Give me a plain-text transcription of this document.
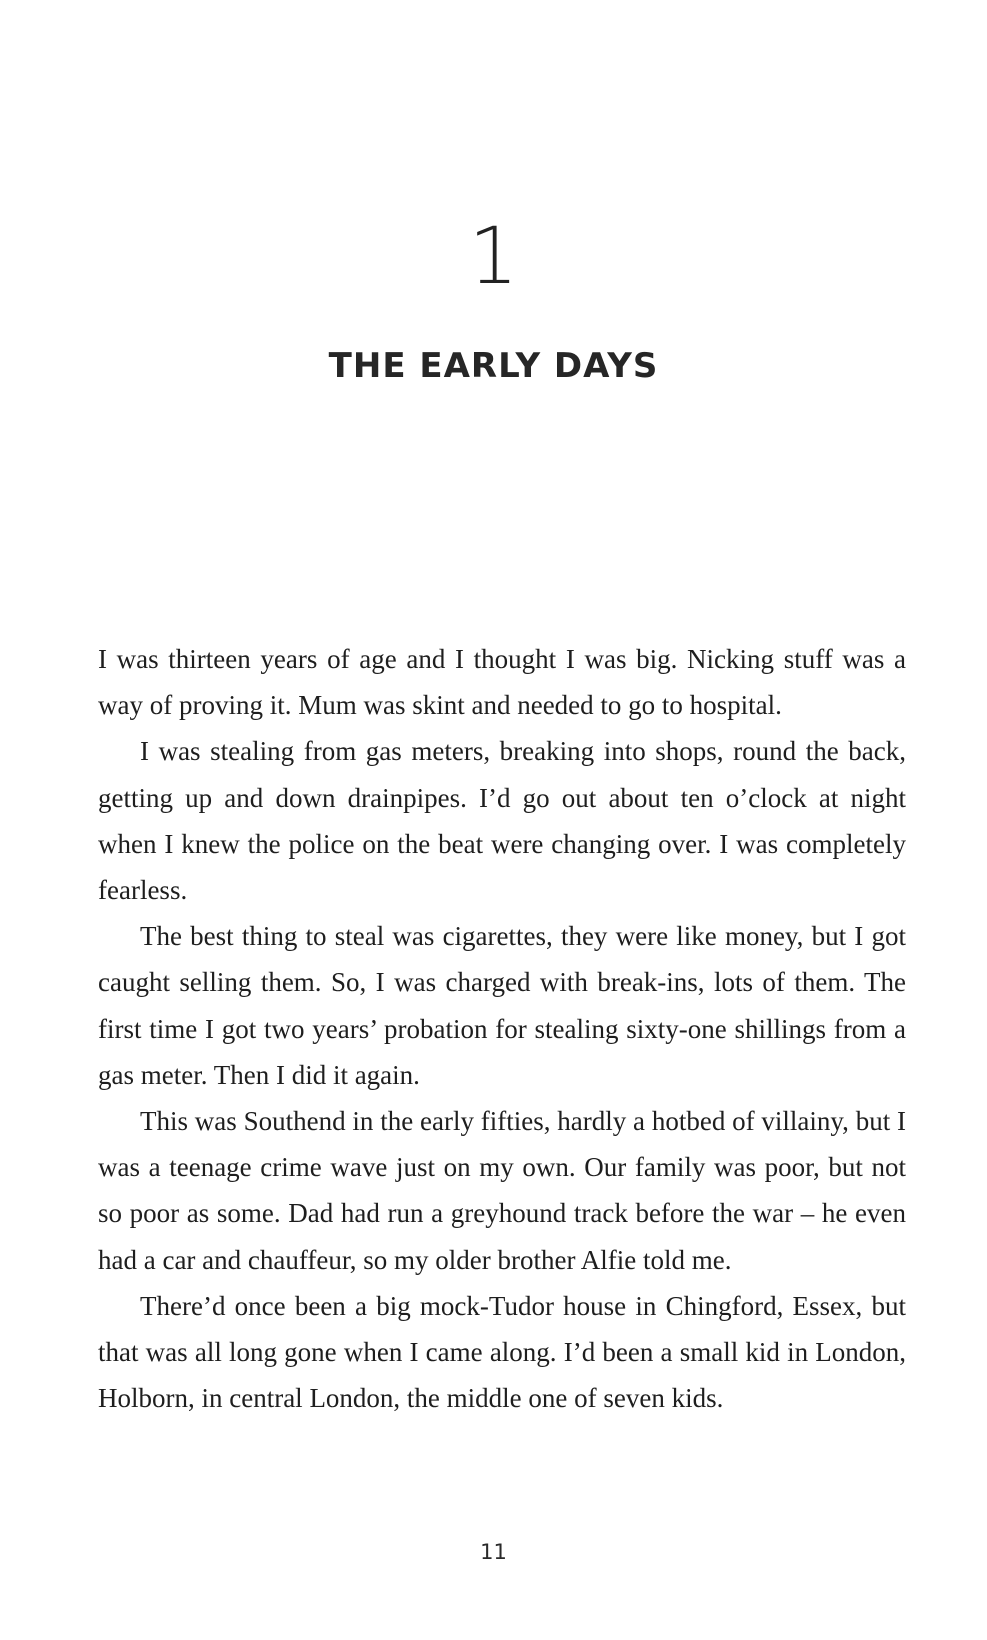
1
THE EARLY DAYS

I was thirteen years of age and I thought I was big. Nicking stuff was a way of proving it. Mum was skint and needed to go to hospital.

I was stealing from gas meters, breaking into shops, round the back, getting up and down drainpipes. I’d go out about ten o’clock at night when I knew the police on the beat were changing over. I was completely fearless.

The best thing to steal was cigarettes, they were like money, but I got caught selling them. So, I was charged with break-ins, lots of them. The first time I got two years’ probation for stealing sixty-one shillings from a gas meter. Then I did it again.

This was Southend in the early fifties, hardly a hotbed of villainy, but I was a teenage crime wave just on my own. Our family was poor, but not so poor as some. Dad had run a greyhound track before the war – he even had a car and chauffeur, so my older brother Alfie told me.

There’d once been a big mock-Tudor house in Chingford, Essex, but that was all long gone when I came along. I’d been a small kid in London, Holborn, in central London, the middle one of seven kids.

11
